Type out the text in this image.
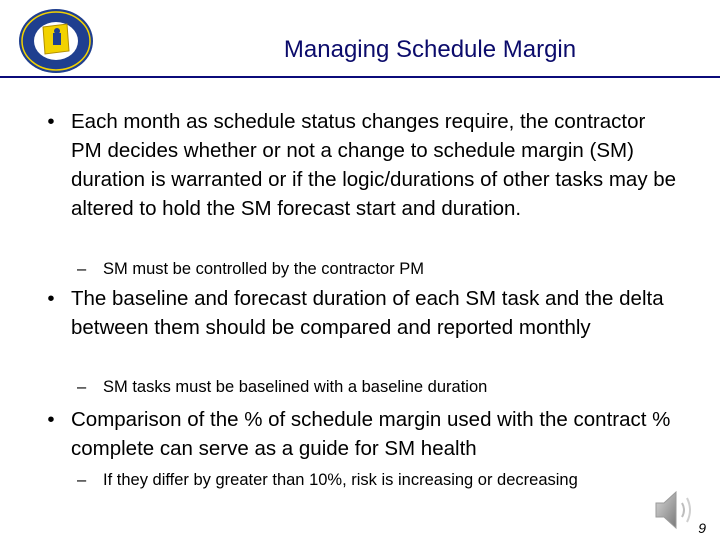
Managing Schedule Margin
• Each month as schedule status changes require, the contractor PM decides whether or not a change to schedule margin (SM) duration is warranted or if the logic/durations of other tasks may be altered to hold the SM forecast start and duration.
– SM must be controlled by the contractor PM
• The baseline and forecast duration of each SM task and the delta between them should be compared and reported monthly
– SM tasks must be baselined with a baseline duration
• Comparison of the % of schedule margin used with the contract % complete can serve as a guide for SM health
– If they differ by greater than 10%, risk is increasing or decreasing
9
